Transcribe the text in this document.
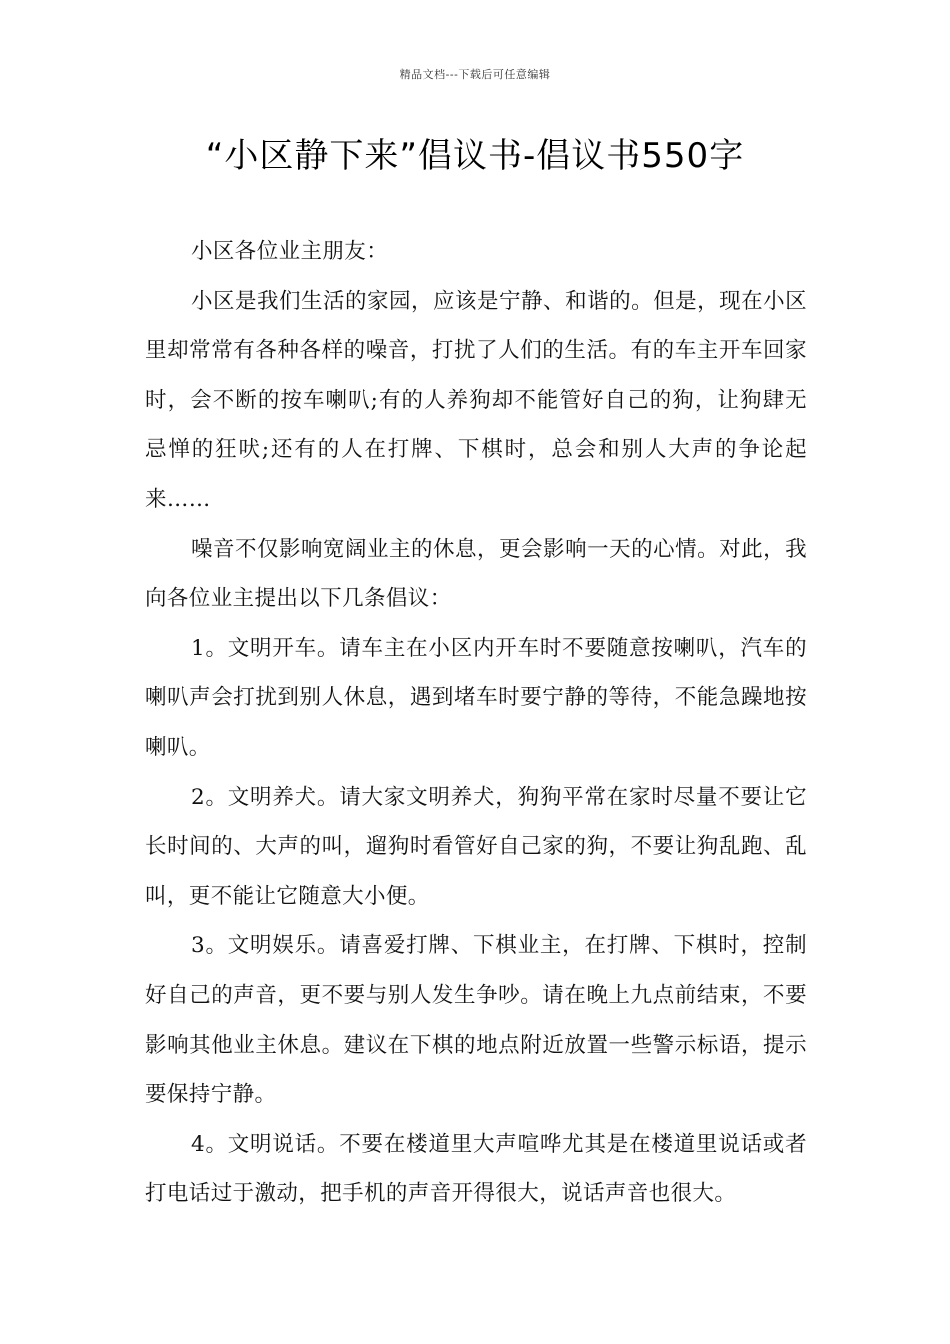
精品文档---下载后可任意编辑
“小区静下来”倡议书-倡议书550字

小区各位业主朋友：

小区是我们生活的家园，应该是宁静、和谐的。但是，现在小区里却常常有各种各样的噪音，打扰了人们的生活。有的车主开车回家时，会不断的按车喇叭;有的人养狗却不能管好自己的狗，让狗肆无忌惮的狂吠;还有的人在打牌、下棋时，总会和别人大声的争论起来……

噪音不仅影响宽阔业主的休息，更会影响一天的心情。对此，我向各位业主提出以下几条倡议：

1。文明开车。请车主在小区内开车时不要随意按喇叭，汽车的喇叭声会打扰到别人休息，遇到堵车时要宁静的等待，不能急躁地按喇叭。

2。文明养犬。请大家文明养犬，狗狗平常在家时尽量不要让它长时间的、大声的叫，遛狗时看管好自己家的狗，不要让狗乱跑、乱叫，更不能让它随意大小便。

3。文明娱乐。请喜爱打牌、下棋业主，在打牌、下棋时，控制好自己的声音，更不要与别人发生争吵。请在晚上九点前结束，不要影响其他业主休息。建议在下棋的地点附近放置一些警示标语，提示要保持宁静。

4。文明说话。不要在楼道里大声喧哗尤其是在楼道里说话或者打电话过于激动，把手机的声音开得很大，说话声音也很大。
